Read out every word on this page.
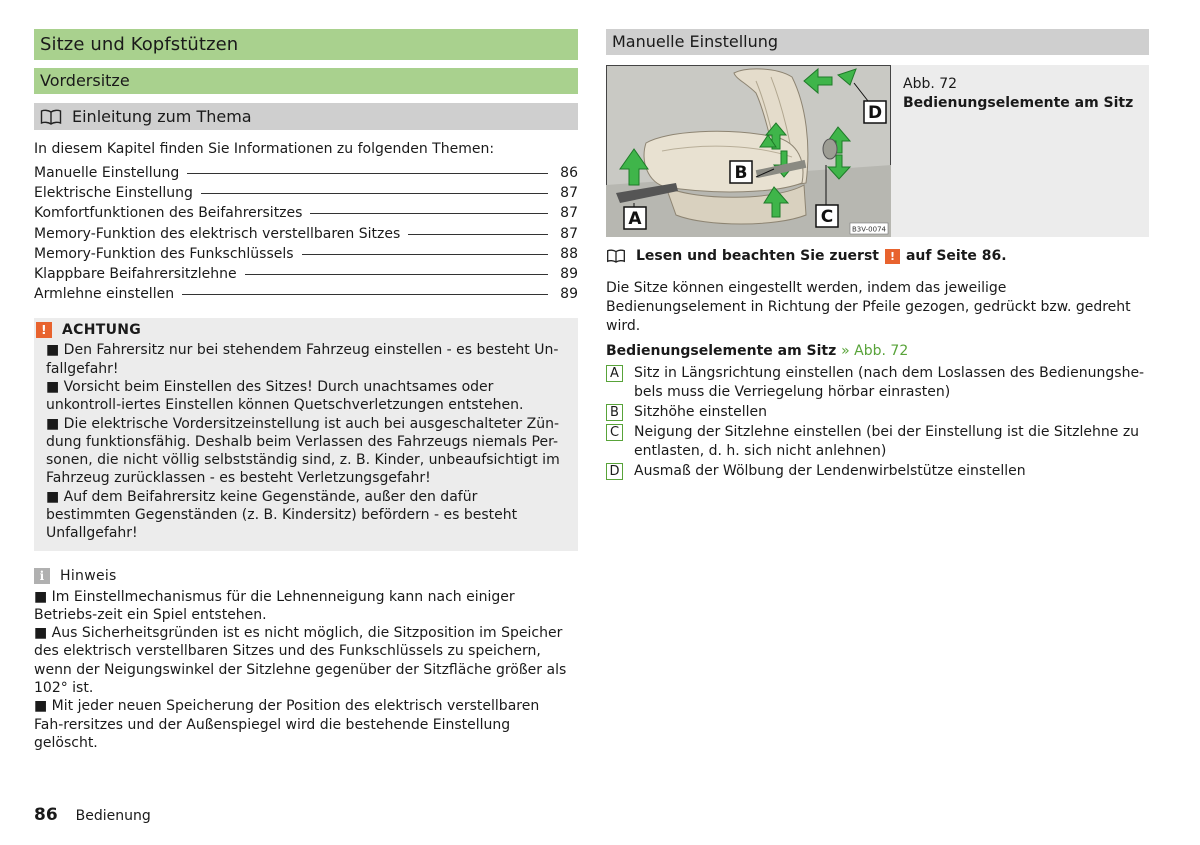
Sitze und Kopfstützen
Vordersitze
Einleitung zum Thema

In diesem Kapitel finden Sie Informationen zu folgenden Themen:

Manuelle Einstellung	86
Elektrische Einstellung	87
Komfortfunktionen des Beifahrersitzes	87
Memory-Funktion des elektrisch verstellbaren Sitzes	87
Memory-Funktion des Funkschlüssels	88
Klappbare Beifahrersitzlehne	89
Armlehne einstellen	89
!	ACHTUNG

■ Den Fahrersitz nur bei stehendem Fahrzeug einstellen - es besteht Un-fallgefahr!

■ Vorsicht beim Einstellen des Sitzes! Durch unachtsames oder unkontroll-iertes Einstellen können Quetschverletzungen entstehen.

■ Die elektrische Vordersitzeinstellung ist auch bei ausgeschalteter Zün-dung funktionsfähig. Deshalb beim Verlassen des Fahrzeugs niemals Per-sonen, die nicht völlig selbstständig sind, z. B. Kinder, unbeaufsichtigt im Fahrzeug zurücklassen - es besteht Verletzungsgefahr!

■ Auf dem Beifahrersitz keine Gegenstände, außer den dafür bestimmten Gegenständen (z. B. Kindersitz) befördern - es besteht Unfallgefahr!

i	Hinweis

■ Im Einstellmechanismus für die Lehnenneigung kann nach einiger Betriebs-zeit ein Spiel entstehen.

■ Aus Sicherheitsgründen ist es nicht möglich, die Sitzposition im Speicher des elektrisch verstellbaren Sitzes und des Funkschlüssels zu speichern, wenn der Neigungswinkel der Sitzlehne gegenüber der Sitzfläche größer als 102° ist.

■ Mit jeder neuen Speicherung der Position des elektrisch verstellbaren Fah-rersitzes und der Außenspiegel wird die bestehende Einstellung gelöscht.

86 Bedienung
Manuelle Einstellung
A
B
C
D
B3V-0074
Abb. 72
Bedienungselemente am Sitz
Lesen und beachten Sie zuerst ! auf Seite 86.

Die Sitze können eingestellt werden, indem das jeweilige Bedienungselement in Richtung der Pfeile gezogen, gedrückt bzw. gedreht wird.

Bedienungselemente am Sitz » Abb. 72
A Sitz in Längsrichtung einstellen (nach dem Loslassen des Bedienungshe-bels muss die Verriegelung hörbar einrasten)
B Sitzhöhe einstellen
C Neigung der Sitzlehne einstellen (bei der Einstellung ist die Sitzlehne zu entlasten, d. h. sich nicht anlehnen)
D Ausmaß der Wölbung der Lendenwirbelstütze einstellen
